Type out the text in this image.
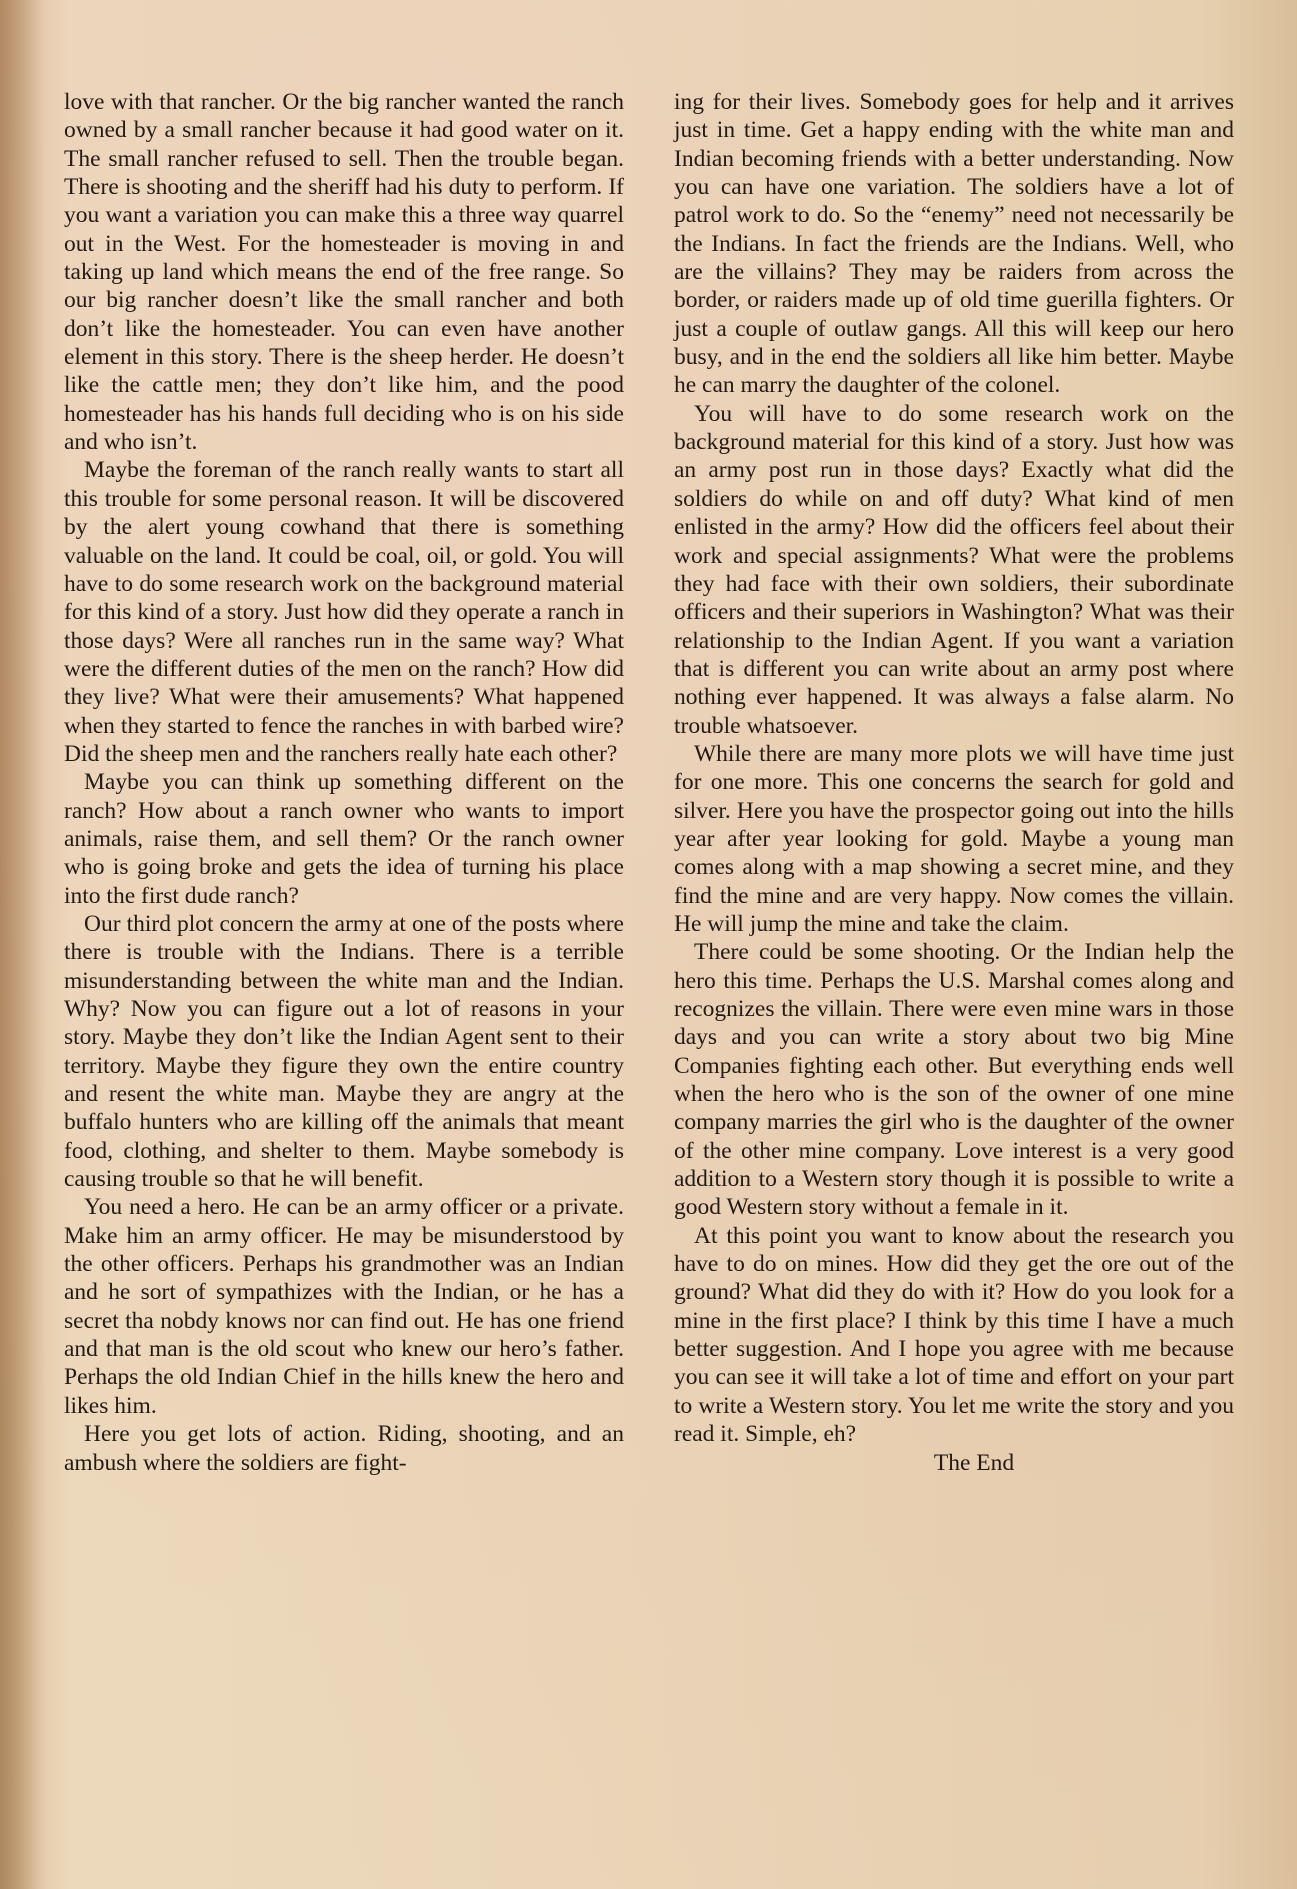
love with that rancher. Or the big rancher wanted the ranch owned by a small rancher because it had good water on it. The small rancher refused to sell. Then the trouble began. There is shooting and the sheriff had his duty to perform. If you want a variation you can make this a three way quarrel out in the West. For the homesteader is moving in and taking up land which means the end of the free range. So our big rancher doesn’t like the small rancher and both don’t like the homesteader. You can even have another element in this story. There is the sheep herder. He doesn’t like the cattle men; they don’t like him, and the pood homesteader has his hands full deciding who is on his side and who isn’t.

Maybe the foreman of the ranch really wants to start all this trouble for some personal reason. It will be discovered by the alert young cowhand that there is something valuable on the land. It could be coal, oil, or gold. You will have to do some research work on the background material for this kind of a story. Just how did they operate a ranch in those days? Were all ranches run in the same way? What were the different duties of the men on the ranch? How did they live? What were their amusements? What happened when they started to fence the ranches in with barbed wire? Did the sheep men and the ranchers really hate each other?

Maybe you can think up something different on the ranch? How about a ranch owner who wants to import animals, raise them, and sell them? Or the ranch owner who is going broke and gets the idea of turning his place into the first dude ranch?

Our third plot concern the army at one of the posts where there is trouble with the Indians. There is a terrible misunderstanding between the white man and the Indian. Why? Now you can figure out a lot of reasons in your story. Maybe they don’t like the Indian Agent sent to their territory. Maybe they figure they own the entire country and resent the white man. Maybe they are angry at the buffalo hunters who are killing off the animals that meant food, clothing, and shelter to them. Maybe somebody is causing trouble so that he will benefit.

You need a hero. He can be an army officer or a private. Make him an army officer. He may be misunderstood by the other officers. Perhaps his grandmother was an Indian and he sort of sympathizes with the Indian, or he has a secret tha nobdy knows nor can find out. He has one friend and that man is the old scout who knew our hero’s father. Perhaps the old Indian Chief in the hills knew the hero and likes him.

Here you get lots of action. Riding, shooting, and an ambush where the soldiers are fight-

ing for their lives. Somebody goes for help and it arrives just in time. Get a happy ending with the white man and Indian becoming friends with a better understanding. Now you can have one variation. The soldiers have a lot of patrol work to do. So the “enemy” need not necessarily be the Indians. In fact the friends are the Indians. Well, who are the villains? They may be raiders from across the border, or raiders made up of old time guerilla fighters. Or just a couple of outlaw gangs. All this will keep our hero busy, and in the end the soldiers all like him better. Maybe he can marry the daughter of the colonel.

You will have to do some research work on the background material for this kind of a story. Just how was an army post run in those days? Exactly what did the soldiers do while on and off duty? What kind of men enlisted in the army? How did the officers feel about their work and special assignments? What were the problems they had face with their own soldiers, their subordinate officers and their superiors in Washington? What was their relationship to the Indian Agent. If you want a variation that is different you can write about an army post where nothing ever happened. It was always a false alarm. No trouble whatsoever.

While there are many more plots we will have time just for one more. This one concerns the search for gold and silver. Here you have the prospector going out into the hills year after year looking for gold. Maybe a young man comes along with a map showing a secret mine, and they find the mine and are very happy. Now comes the villain. He will jump the mine and take the claim.

There could be some shooting. Or the Indian help the hero this time. Perhaps the U.S. Marshal comes along and recognizes the villain. There were even mine wars in those days and you can write a story about two big Mine Companies fighting each other. But everything ends well when the hero who is the son of the owner of one mine company marries the girl who is the daughter of the owner of the other mine company. Love interest is a very good addition to a Western story though it is possible to write a good Western story without a female in it.

At this point you want to know about the research you have to do on mines. How did they get the ore out of the ground? What did they do with it? How do you look for a mine in the first place? I think by this time I have a much better suggestion. And I hope you agree with me because you can see it will take a lot of time and effort on your part to write a Western story. You let me write the story and you read it. Simple, eh?

The End
